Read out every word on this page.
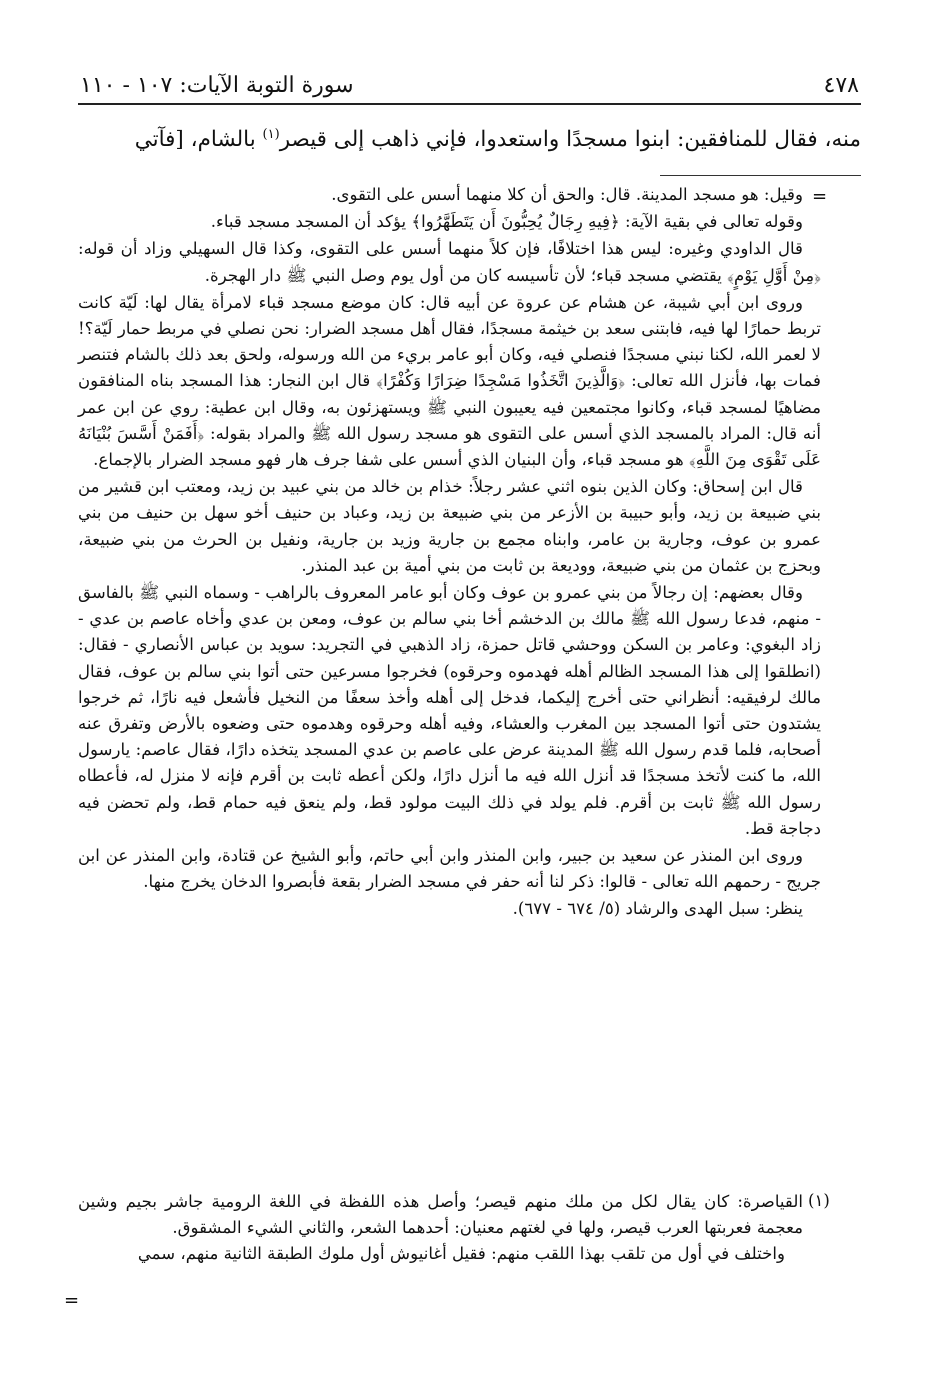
٤٧٨
سورة التوبة الآيات: ١٠٧ - ١١٠
منه، فقال للمنافقين: ابنوا مسجدًا واستعدوا، فإني ذاهب إلى قيصر$^{(١)}$ بالشام، [فآتي
=

وقيل: هو مسجد المدينة. قال: والحق أن كلا منهما أسس على التقوى.

وقوله تعالى في بقية الآية: ﴿فِيهِ رِجَالٌ يُحِبُّونَ أَن يَتَطَهَّرُوا﴾ يؤكد أن المسجد مسجد قباء.

قال الداودي وغيره: ليس هذا اختلافًا، فإن كلاً منهما أسس على التقوى، وكذا قال السهيلي وزاد أن قوله: ﴿مِنْ أَوَّلِ يَوْمٍ﴾ يقتضي مسجد قباء؛ لأن تأسيسه كان من أول يوم وصل النبي ﷺ دار الهجرة.

وروى ابن أبي شيبة، عن هشام عن عروة عن أبيه قال: كان موضع مسجد قباء لامرأة يقال لها: لَيّة كانت تربط حمارًا لها فيه، فابتنى سعد بن خيثمة مسجدًا، فقال أهل مسجد الضرار: نحن نصلي في مربط حمار لَيّة؟! لا لعمر الله، لكنا نبني مسجدًا فنصلي فيه، وكان أبو عامر بريء من الله ورسوله، ولحق بعد ذلك بالشام فتنصر فمات بها، فأنزل الله تعالى: ﴿وَالَّذِينَ اتَّخَذُوا مَسْجِدًا ضِرَارًا وَكُفْرًا﴾ قال ابن النجار: هذا المسجد بناه المنافقون مضاهيًا لمسجد قباء، وكانوا مجتمعين فيه يعيبون النبي ﷺ ويستهزئون به، وقال ابن عطية: روي عن ابن عمر أنه قال: المراد بالمسجد الذي أسس على التقوى هو مسجد رسول الله ﷺ والمراد بقوله: ﴿أَفَمَنْ أَسَّسَ بُنْيَانَهُ عَلَى تَقْوَى مِنَ اللَّهِ﴾ هو مسجد قباء، وأن البنيان الذي أسس على شفا جرف هار فهو مسجد الضرار بالإجماع.

قال ابن إسحاق: وكان الذين بنوه اثني عشر رجلاً: خذام بن خالد من بني عبيد بن زيد، ومعتب ابن قشير من بني ضبيعة بن زيد، وأبو حبيبة بن الأزعر من بني ضبيعة بن زيد، وعباد بن حنيف أخو سهل بن حنيف من بني عمرو بن عوف، وجارية بن عامر، وابناه مجمع بن جارية وزيد بن جارية، ونفيل بن الحرث من بني ضبيعة، وبحزج بن عثمان من بني ضبيعة، ووديعة بن ثابت من بني أمية بن عبد المنذر.

وقال بعضهم: إن رجالاً من بني عمرو بن عوف وكان أبو عامر المعروف بالراهب - وسماه النبي ﷺ بالفاسق - منهم، فدعا رسول الله ﷺ مالك بن الدخشم أخا بني سالم بن عوف، ومعن بن عدي وأخاه عاصم بن عدي - زاد البغوي: وعامر بن السكن ووحشي قاتل حمزة، زاد الذهبي في التجريد: سويد بن عباس الأنصاري - فقال: (انطلقوا إلى هذا المسجد الظالم أهله فهدموه وحرقوه) فخرجوا مسرعين حتى أتوا بني سالم بن عوف، فقال مالك لرفيقيه: أنظراني حتى أخرج إليكما، فدخل إلى أهله وأخذ سعفًا من النخيل فأشعل فيه نارًا، ثم خرجوا يشتدون حتى أتوا المسجد بين المغرب والعشاء، وفيه أهله وحرقوه وهدموه حتى وضعوه بالأرض وتفرق عنه أصحابه، فلما قدم رسول الله ﷺ المدينة عرض على عاصم بن عدي المسجد يتخذه دارًا، فقال عاصم: يارسول الله، ما كنت لأتخذ مسجدًا قد أنزل الله فيه ما أنزل دارًا، ولكن أعطه ثابت بن أقرم فإنه لا منزل له، فأعطاه رسول الله ﷺ ثابت بن أقرم. فلم يولد في ذلك البيت مولود قط، ولم ينعق فيه حمام قط، ولم تحضن فيه دجاجة قط.

وروى ابن المنذر عن سعيد بن جبير، وابن المنذر وابن أبي حاتم، وأبو الشيخ عن قتادة، وابن المنذر عن ابن جريج - رحمهم الله تعالى - قالوا: ذكر لنا أنه حفر في مسجد الضرار بقعة فأبصروا الدخان يخرج منها.

ينظر: سبل الهدى والرشاد (٥/ ٦٧٤ - ٦٧٧).

(١)

القياصرة: كان يقال لكل من ملك منهم قيصر؛ وأصل هذه اللفظة في اللغة الرومية جاشر بجيم وشين معجمة فعربتها العرب قيصر، ولها في لغتهم معنيان: أحدهما الشعر، والثاني الشيء المشقوق.

واختلف في أول من تلقب بهذا اللقب منهم: فقيل أغانيوش أول ملوك الطبقة الثانية منهم، سمي

=
